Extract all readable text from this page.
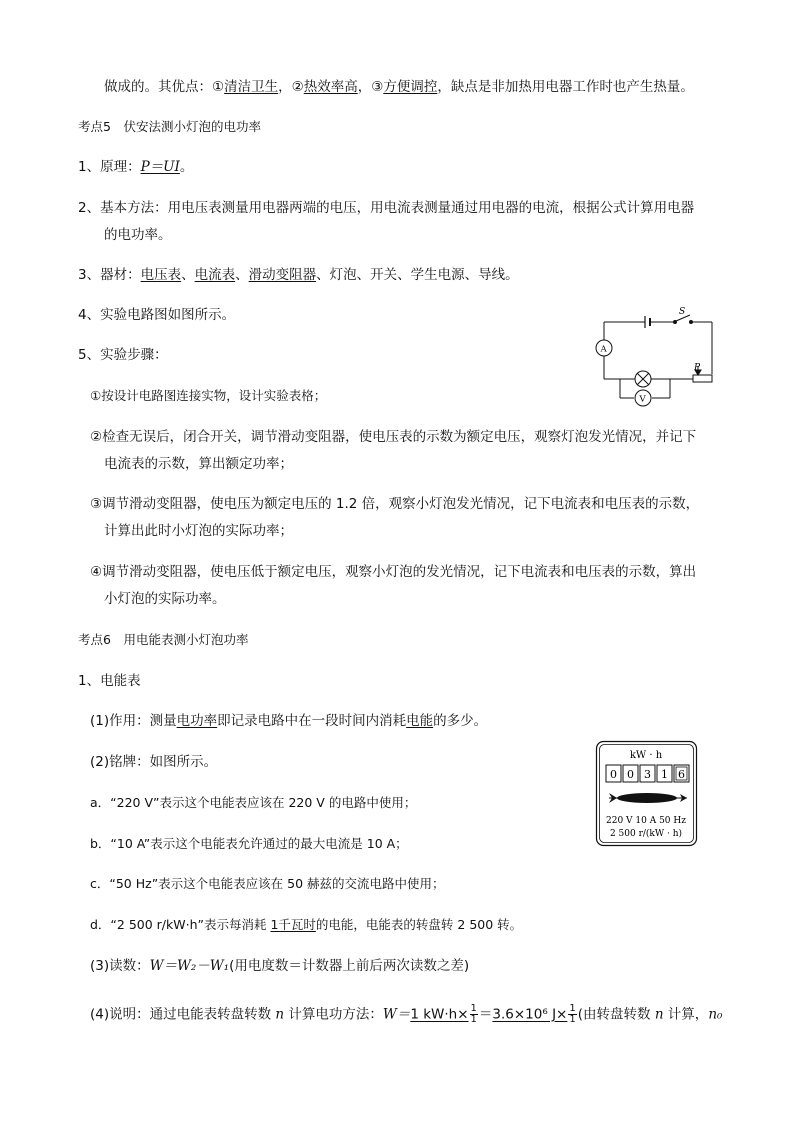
做成的。其优点：①清洁卫生，②热效率高，③方便调控，缺点是非加热用电器工作时也产生热量。
考点5　伏安法测小灯泡的电功率
1、原理：P＝UI。
2、基本方法：用电压表测量用电器两端的电压，用电流表测量通过用电器的电流，根据公式计算用电器
的电功率。
3、器材：电压表、电流表、滑动变阻器、灯泡、开关、学生电源、导线。
4、实验电路图如图所示。
5、实验步骤：
①按设计电路图连接实物，设计实验表格；
②检查无误后，闭合开关，调节滑动变阻器，使电压表的示数为额定电压，观察灯泡发光情况，并记下
电流表的示数，算出额定功率；
③调节滑动变阻器，使电压为额定电压的 1.2 倍，观察小灯泡发光情况，记下电流表和电压表的示数，
计算出此时小灯泡的实际功率；
④调节滑动变阻器，使电压低于额定电压，观察小灯泡的发光情况，记下电流表和电压表的示数，算出
小灯泡的实际功率。
考点6　用电能表测小灯泡功率
1、电能表
(1)作用：测量电功率即记录电路中在一段时间内消耗电能的多少。
(2)铭牌：如图所示。
a．“220 V”表示这个电能表应该在 220 V 的电路中使用；
b．“10 A”表示这个电能表允许通过的最大电流是 10 A；
c．“50 Hz”表示这个电能表应该在 50 赫兹的交流电路中使用；
d．“2 500 r/kW·h”表示每消耗 1千瓦时的电能，电能表的转盘转 2 500 转。
(3)读数：W＝W₂－W₁(用电度数＝计数器上前后两次读数之差)
(4)说明：通过电能表转盘转数 n 计算电功方法：W＝1 $kW\cdot h\times \frac{1}{1} =3.6\times 10^6$ $J\times \frac{1}{1}$ (由转盘转数 n 计算，n₀
S
A
V
P
kW · h
0 0 3 1 6
220 V 10 A 50 Hz
2 500 r/(kW · h)
